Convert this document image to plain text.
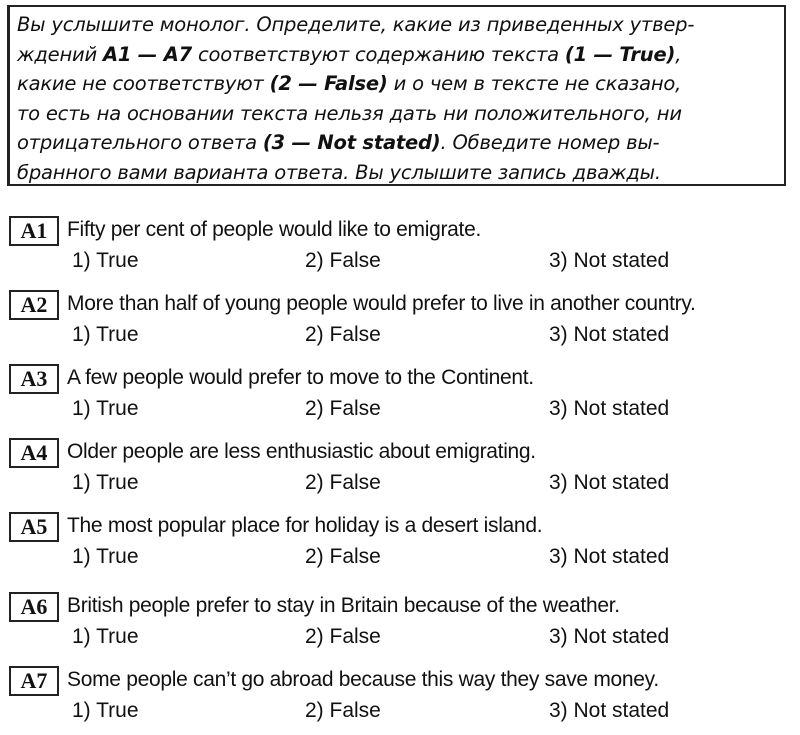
Вы услышите монолог. Определите, какие из приведенных утвер-
ждений А1 — А7 соответствуют содержанию текста (1 — True),
какие не соответствуют (2 — False) и о чем в тексте не сказано,
то есть на основании текста нельзя дать ни положительного, ни
отрицательного ответа (3 — Not stated). Обведите номер вы-
бранного вами варианта ответа. Вы услышите запись дважды.
A1 Fifty per cent of people would like to emigrate.
1) True	2) False	3) Not stated
A2 More than half of young people would prefer to live in another country.
1) True	2) False	3) Not stated
A3 A few people would prefer to move to the Continent.
1) True	2) False	3) Not stated
A4 Older people are less enthusiastic about emigrating.
1) True	2) False	3) Not stated
A5 The most popular place for holiday is a desert island.
1) True	2) False	3) Not stated
A6 British people prefer to stay in Britain because of the weather.
1) True	2) False	3) Not stated
A7 Some people can’t go abroad because this way they save money.
1) True	2) False	3) Not stated
